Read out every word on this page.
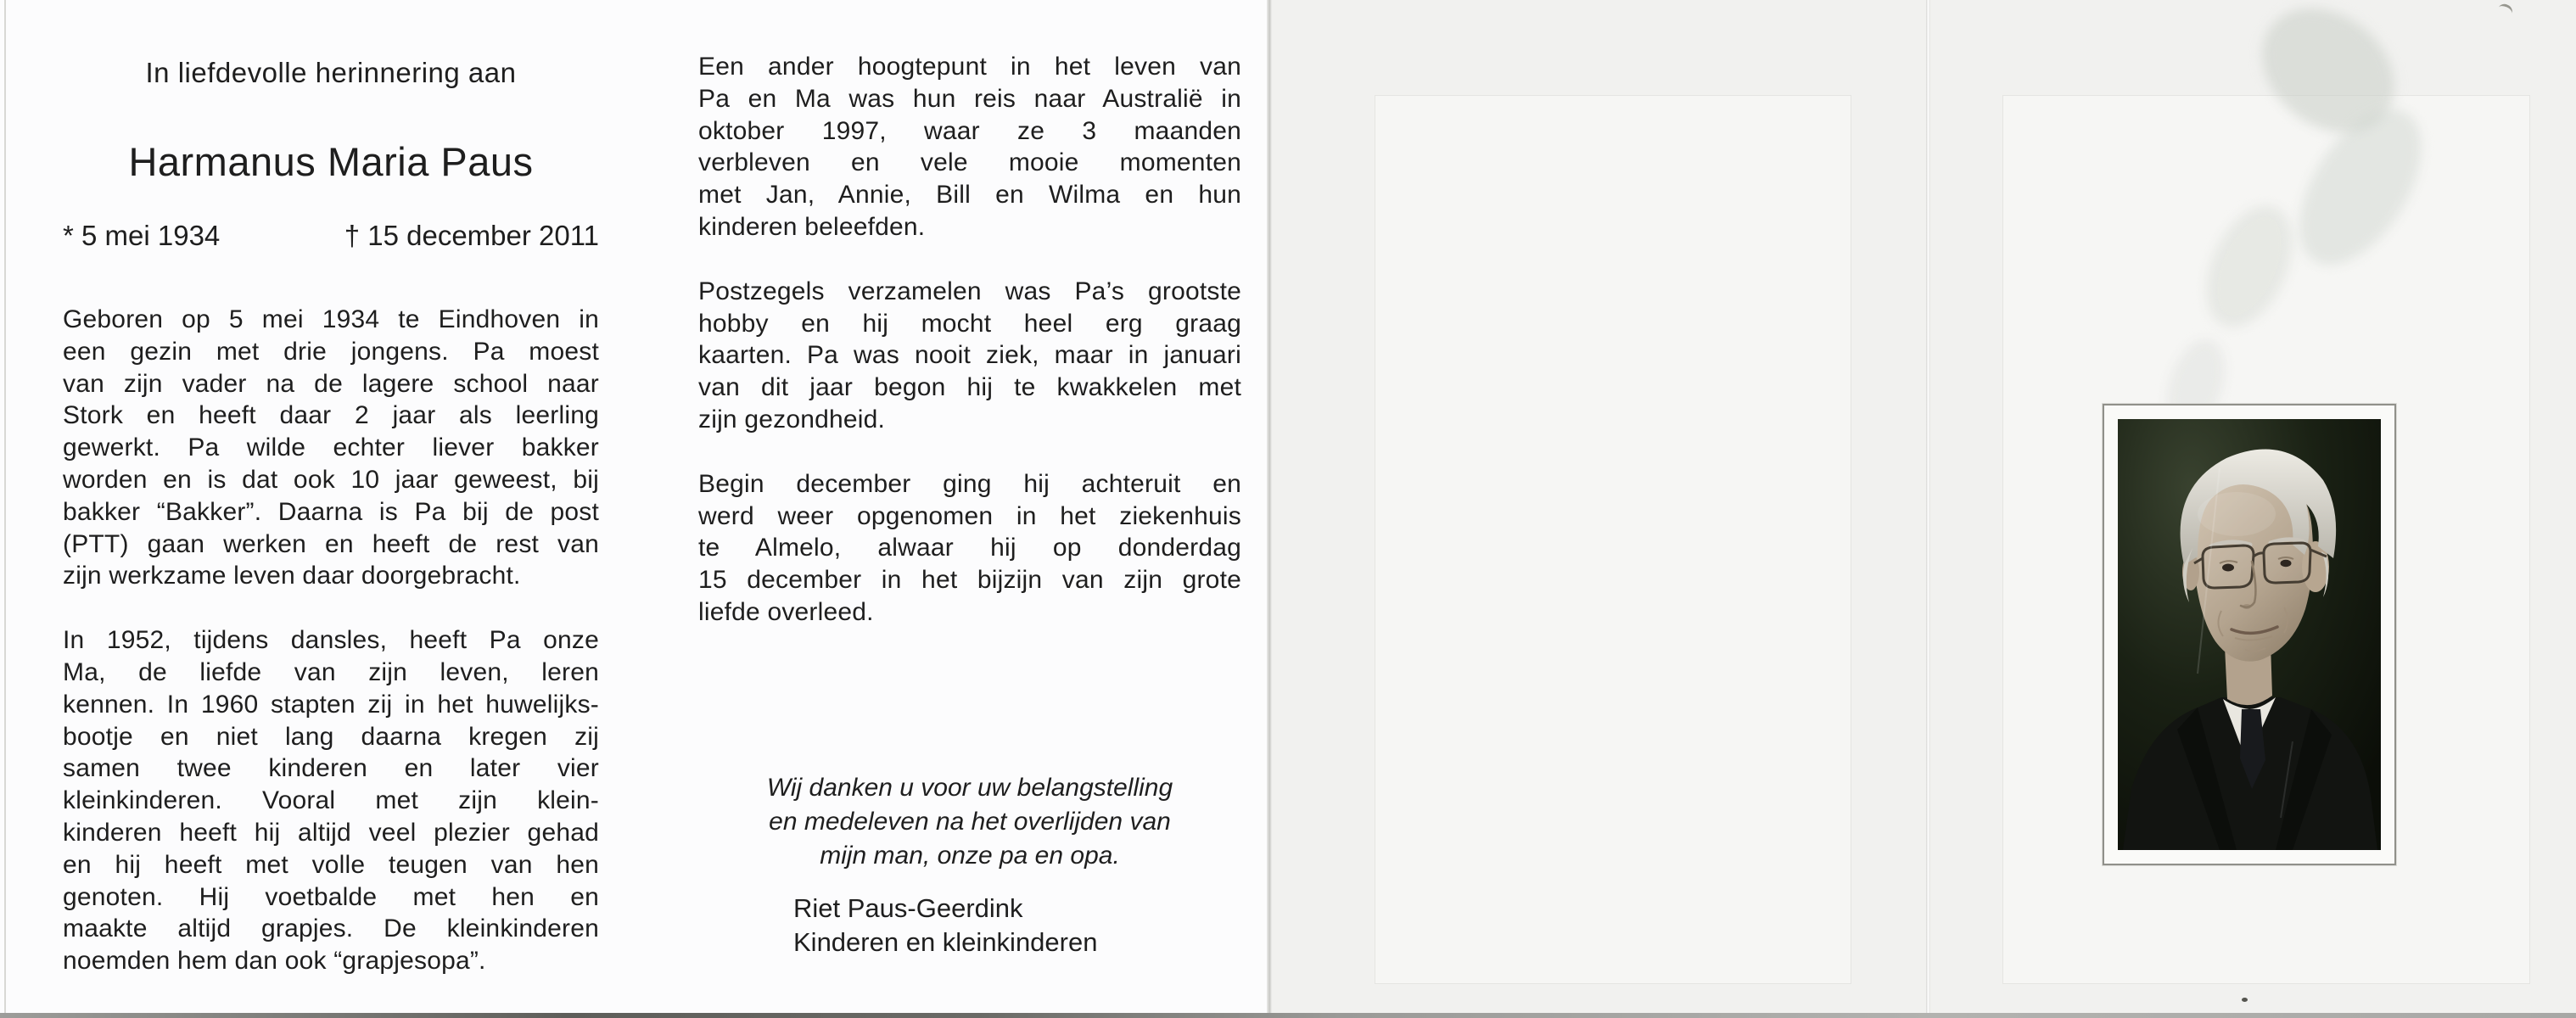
In liefdevolle herinnering aan
Harmanus Maria Paus
* 5 mei 1934	† 15 december 2011
Geboren op 5 mei 1934 te Eindhoven in
een gezin met drie jongens. Pa moest
van zijn vader na de lagere school naar
Stork en heeft daar 2 jaar als leerling
gewerkt. Pa wilde echter liever bakker
worden en is dat ook 10 jaar geweest, bij
bakker “Bakker”. Daarna is Pa bij de post
(PTT) gaan werken en heeft de rest van
zijn werkzame leven daar doorgebracht.
In 1952, tijdens dansles, heeft Pa onze
Ma, de liefde van zijn leven, leren
kennen. In 1960 stapten zij in het huwelijks-
bootje en niet lang daarna kregen zij
samen twee kinderen en later vier
kleinkinderen. Vooral met zijn klein-
kinderen heeft hij altijd veel plezier gehad
en hij heeft met volle teugen van hen
genoten. Hij voetbalde met hen en
maakte altijd grapjes. De kleinkinderen
noemden hem dan ook “grapjesopa”.
Een ander hoogtepunt in het leven van
Pa en Ma was hun reis naar Australië in
oktober 1997, waar ze 3 maanden
verbleven en vele mooie momenten
met Jan, Annie, Bill en Wilma en hun
kinderen beleefden.
Postzegels verzamelen was Pa’s grootste
hobby en hij mocht heel erg graag
kaarten. Pa was nooit ziek, maar in januari
van dit jaar begon hij te kwakkelen met
zijn gezondheid.
Begin december ging hij achteruit en
werd weer opgenomen in het ziekenhuis
te Almelo, alwaar hij op donderdag
15 december in het bijzijn van zijn grote
liefde overleed.
Wij danken u voor uw belangstelling
en medeleven na het overlijden van
mijn man, onze pa en opa.
Riet Paus-Geerdink
Kinderen en kleinkinderen
